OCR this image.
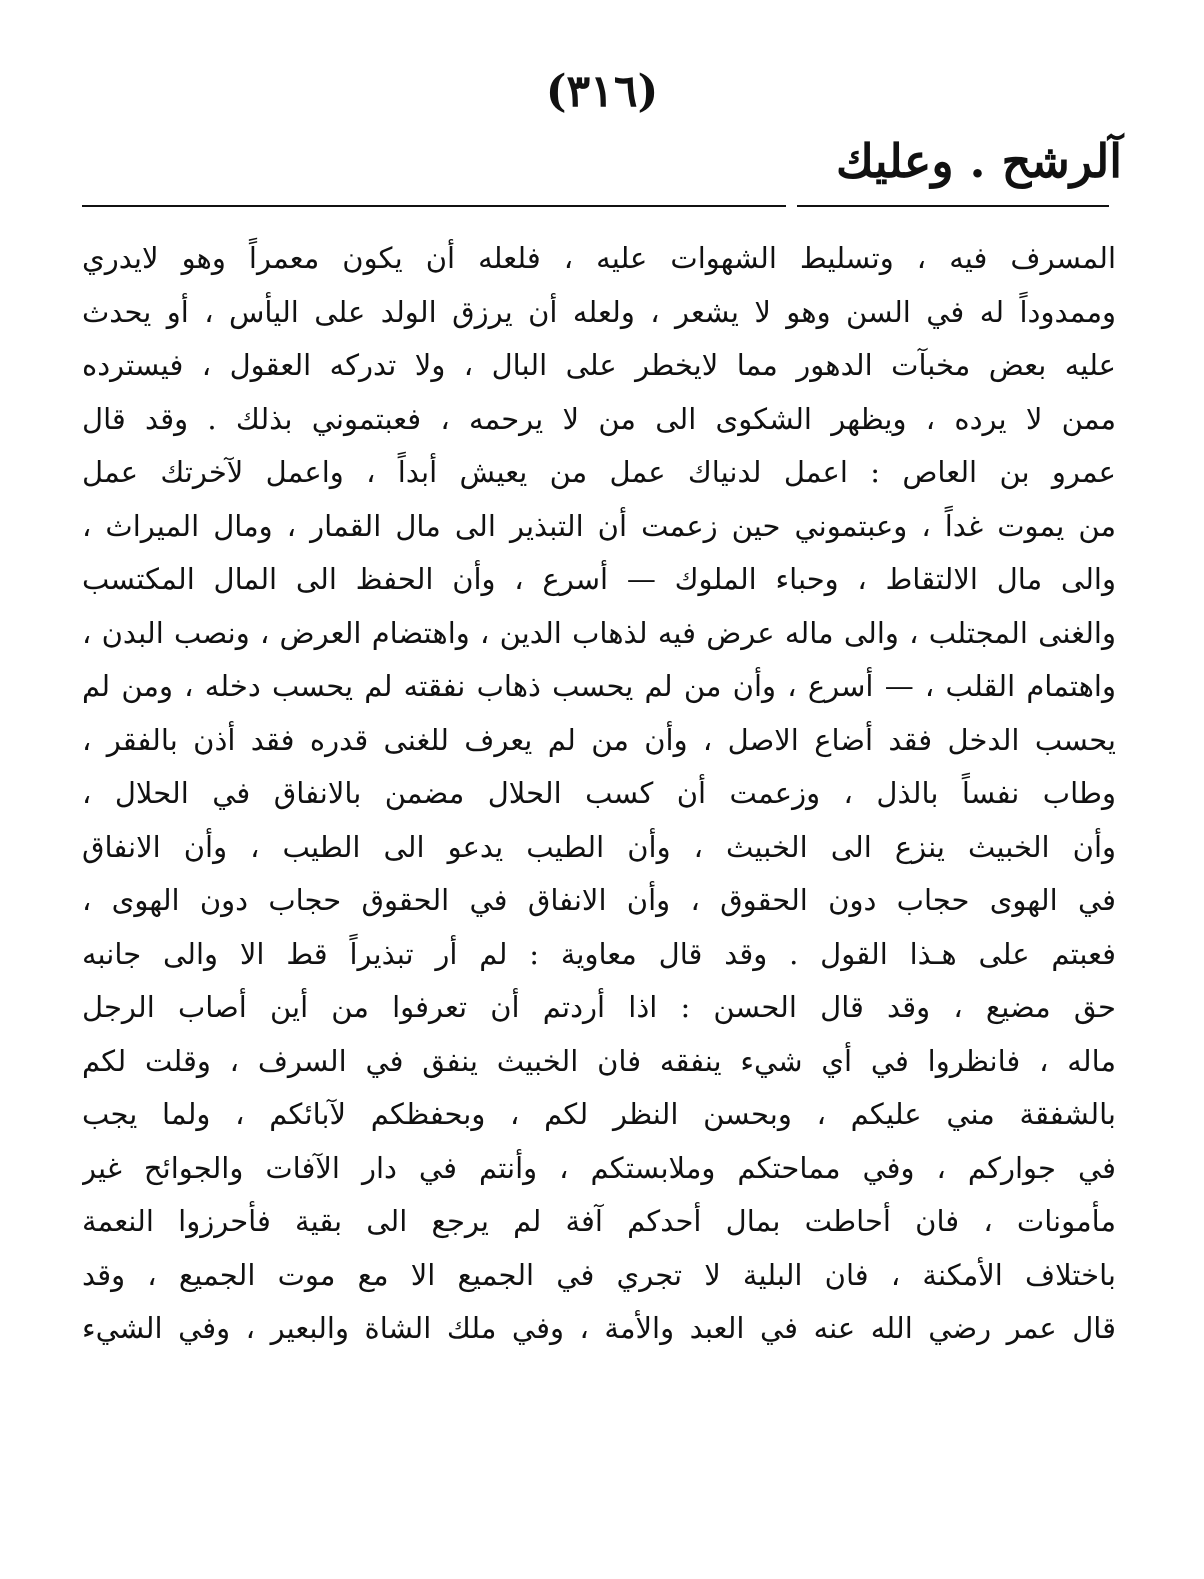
(٣١٦)
آلرشح . وعليك
المسرف فيه ، وتسليط الشهوات عليه ، فلعله أن يكون معمراً وهو لايدري
وممدوداً له في السن وهو لا يشعر ، ولعله أن يرزق الولد على اليأس ، أو يحدث
عليه بعض مخبآت الدهور مما لايخطر على البال ، ولا تدركه العقول ، فيسترده
ممن لا يرده ، ويظهر الشكوى الى من لا يرحمه ، فعبتموني بذلك . وقد قال
عمرو بن العاص : اعمل لدنياك عمل من يعيش أبداً ، واعمل لآخرتك عمل
من يموت غداً ، وعبتموني حين زعمت أن التبذير الى مال القمار ، ومال الميراث ،
والى مال الالتقاط ، وحباء الملوك — أسرع ، وأن الحفظ الى المال المكتسب
والغنى المجتلب ، والى ماله عرض فيه لذهاب الدين ، واهتضام العرض ، ونصب البدن ،
واهتمام القلب ، — أسرع ، وأن من لم يحسب ذهاب نفقته لم يحسب دخله ، ومن لم
يحسب الدخل فقد أضاع الاصل ، وأن من لم يعرف للغنى قدره فقد أذن بالفقر ،
وطاب نفساً بالذل ، وزعمت أن كسب الحلال مضمن بالانفاق في الحلال ،
وأن الخبيث ينزع الى الخبيث ، وأن الطيب يدعو الى الطيب ، وأن الانفاق
في الهوى حجاب دون الحقوق ، وأن الانفاق في الحقوق حجاب دون الهوى ،
فعبتم على هـذا القول . وقد قال معاوية : لم أر تبذيراً قط الا والى جانبه
حق مضيع ، وقد قال الحسن : اذا أردتم أن تعرفوا من أين أصاب الرجل
ماله ، فانظروا في أي شيء ينفقه فان الخبيث ينفق في السرف ، وقلت لكم
بالشفقة مني عليكم ، وبحسن النظر لكم ، وبحفظكم لآبائكم ، ولما يجب
في جواركم ، وفي مماحتكم وملابستكم ، وأنتم في دار الآفات والجوائح غير
مأمونات ، فان أحاطت بمال أحدكم آفة لم يرجع الى بقية فأحرزوا النعمة
باختلاف الأمكنة ، فان البلية لا تجري في الجميع الا مع موت الجميع ، وقد
قال عمر رضي الله عنه في العبد والأمة ، وفي ملك الشاة والبعير ، وفي الشيء
